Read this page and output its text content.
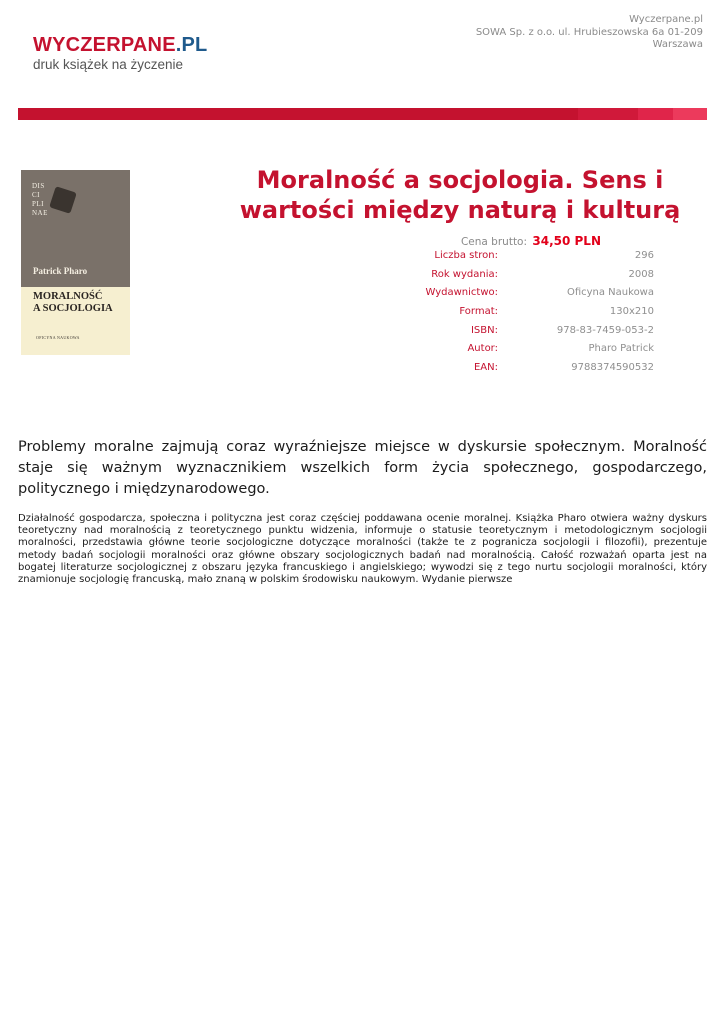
WYCZERPANE.PL
druk książek na życzenie
Wyczerpane.pl
SOWA Sp. z o.o. ul. Hrubieszowska 6a 01-209
Warszawa
DIS
CI
PLI
NAE
Patrick Pharo
MORALNOŚĆ
A SOCJOLOGIA
OFICYNA NAUKOWA
Moralność a socjologia. Sens i wartości między naturą i kulturą
Cena brutto: 34,50 PLN
Liczba stron:	296
Rok wydania:	2008
Wydawnictwo:	Oficyna Naukowa
Format:	130x210
ISBN:	978-83-7459-053-2
Autor:	Pharo Patrick
EAN:	9788374590532

Problemy moralne zajmują coraz wyraźniejsze miejsce w dyskursie społecznym. Moralność staje się ważnym wyznacznikiem wszelkich form życia społecznego, gospodarczego, politycznego i międzynarodowego.

Działalność gospodarcza, społeczna i polityczna jest coraz częściej poddawana ocenie moralnej. Książka Pharo otwiera ważny dyskurs teoretyczny nad moralnością z teoretycznego punktu widzenia, informuje o statusie teoretycznym i metodologicznym socjologii moralności, przedstawia główne teorie socjologiczne dotyczące moralności (także te z pogranicza socjologii i filozofii), prezentuje metody badań socjologii moralności oraz główne obszary socjologicznych badań nad moralnością. Całość rozważań oparta jest na bogatej literaturze socjologicznej z obszaru języka francuskiego i angielskiego; wywodzi się z tego nurtu socjologii moralności, który znamionuje socjologię francuską, mało znaną w polskim środowisku naukowym. Wydanie pierwsze
